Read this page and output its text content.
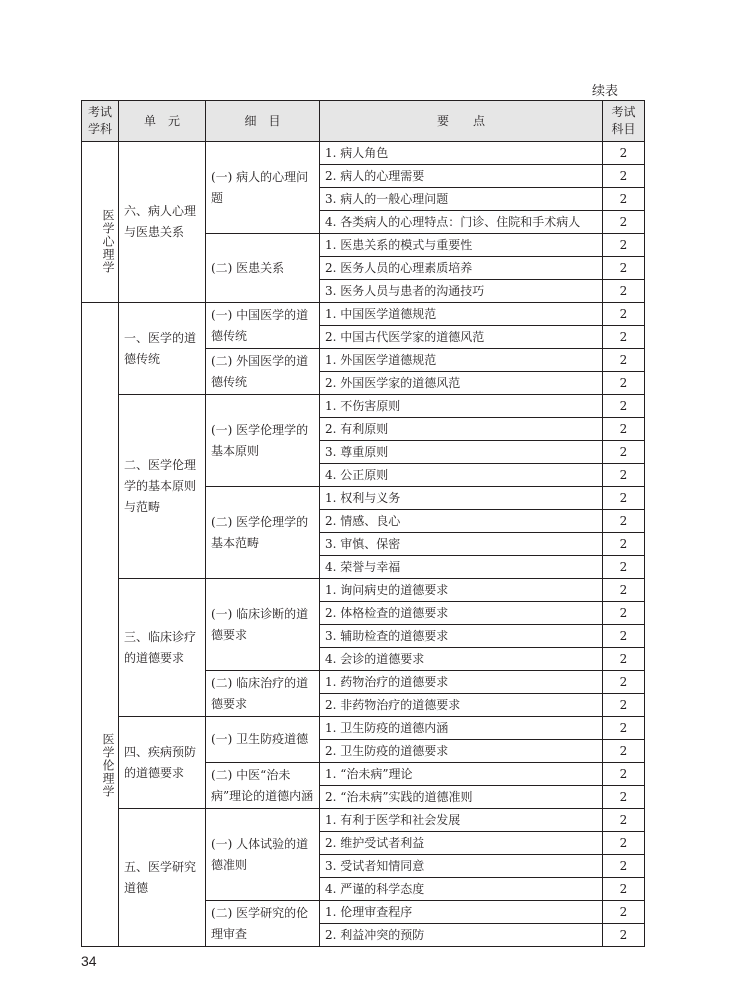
续表
考试学科	单　元	细　目	要　　点	考试科目
医学心理学	六、病人心理与医患关系	(一) 病人的心理问题	1. 病人角色	2
			2. 病人的心理需要	2
			3. 病人的一般心理问题	2
			4. 各类病人的心理特点：门诊、住院和手术病人	2
		(二) 医患关系	1. 医患关系的模式与重要性	2
			2. 医务人员的心理素质培养	2
			3. 医务人员与患者的沟通技巧	2
医学伦理学	一、医学的道德传统	(一) 中国医学的道德传统	1. 中国医学道德规范	2
			2. 中国古代医学家的道德风范	2
		(二) 外国医学的道德传统	1. 外国医学道德规范	2
			2. 外国医学家的道德风范	2
	二、医学伦理学的基本原则与范畴	(一) 医学伦理学的基本原则	1. 不伤害原则	2
			2. 有利原则	2
			3. 尊重原则	2
			4. 公正原则	2
		(二) 医学伦理学的基本范畴	1. 权利与义务	2
			2. 情感、良心	2
			3. 审慎、保密	2
			4. 荣誉与幸福	2
	三、临床诊疗的道德要求	(一) 临床诊断的道德要求	1. 询问病史的道德要求	2
			2. 体格检查的道德要求	2
			3. 辅助检查的道德要求	2
			4. 会诊的道德要求	2
		(二) 临床治疗的道德要求	1. 药物治疗的道德要求	2
			2. 非药物治疗的道德要求	2
	四、疾病预防的道德要求	(一) 卫生防疫道德	1. 卫生防疫的道德内涵	2
			2. 卫生防疫的道德要求	2
		(二) 中医“治未病”理论的道德内涵	1. “治未病”理论	2
			2. “治未病”实践的道德准则	2
	五、医学研究道德	(一) 人体试验的道德准则	1. 有利于医学和社会发展	2
			2. 维护受试者利益	2
			3. 受试者知情同意	2
			4. 严谨的科学态度	2
		(二) 医学研究的伦理审查	1. 伦理审查程序	2
			2. 利益冲突的预防	2
34
